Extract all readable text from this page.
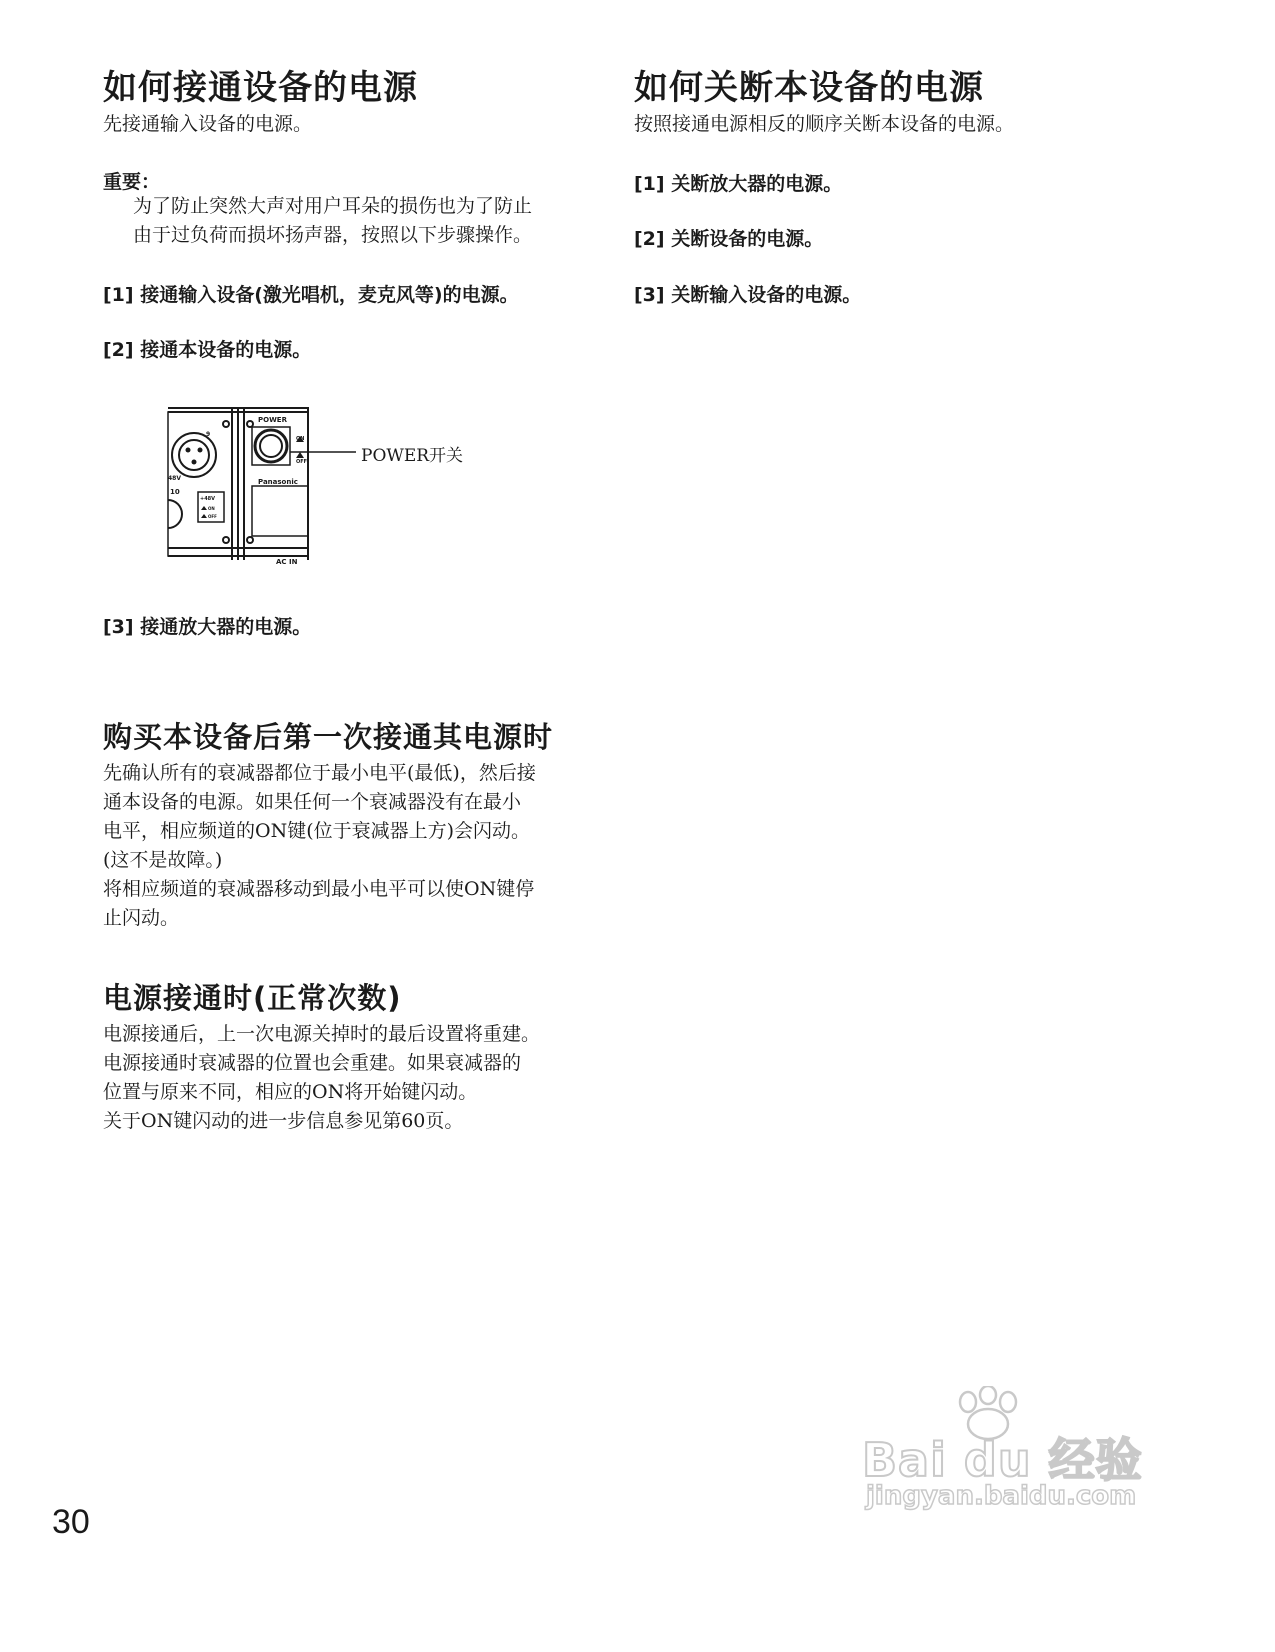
如何接通设备的电源
先接通输入设备的电源。
重要：
为了防止突然大声对用户耳朵的损伤也为了防止
由于过负荷而损坏扬声器，按照以下步骤操作。
[1] 接通输入设备(激光唱机，麦克风等)的电源。
[2] 接通本设备的电源。
POWER
ON
OFF
Panasonic
AC IN
48V
9
10
+48V
ON
OFF
POWER开关
[3] 接通放大器的电源。
购买本设备后第一次接通其电源时
先确认所有的衰减器都位于最小电平(最低)，然后接
通本设备的电源。如果任何一个衰减器没有在最小
电平，相应频道的ON键(位于衰减器上方)会闪动。
(这不是故障。)
将相应频道的衰减器移动到最小电平可以使ON键停
止闪动。
电源接通时(正常次数)
电源接通后，上一次电源关掉时的最后设置将重建。
电源接通时衰减器的位置也会重建。如果衰减器的
位置与原来不同，相应的ON将开始键闪动。
关于ON键闪动的进一步信息参见第60页。
如何关断本设备的电源
按照接通电源相反的顺序关断本设备的电源。
[1] 关断放大器的电源。
[2] 关断设备的电源。
[3] 关断输入设备的电源。
30
Bai du 经验
jingyan.baidu.com
